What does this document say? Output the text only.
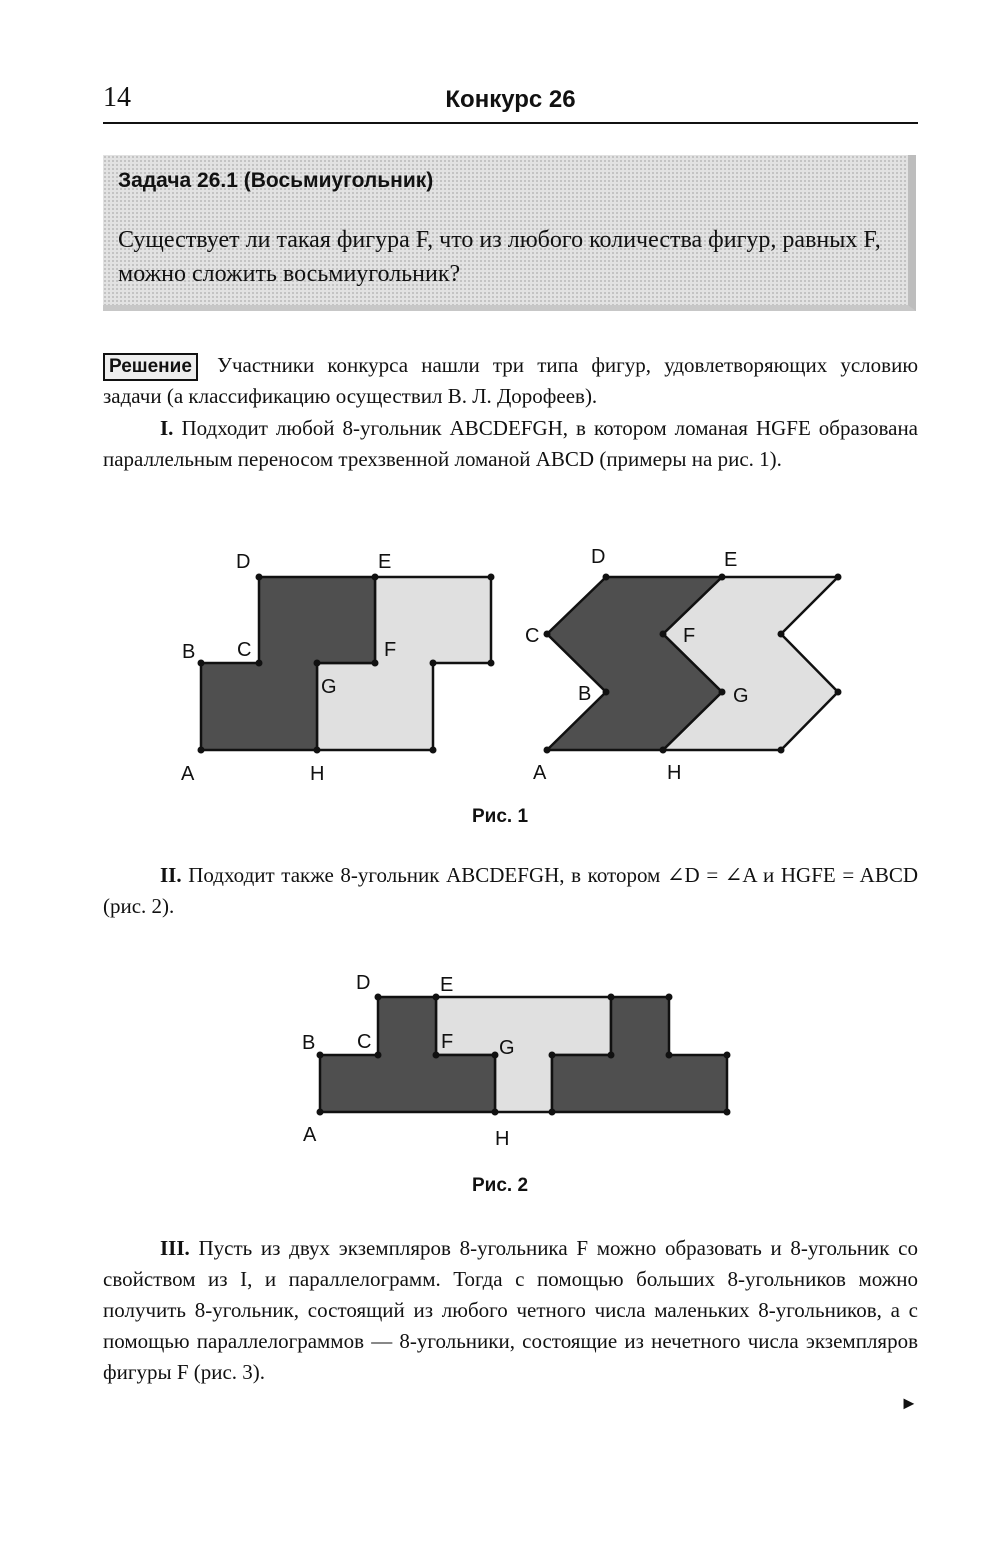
14	Конкурс 26
Задача 26.1 (Восьмиугольник)
Существует ли такая фигура F, что из любого количества фигур, равных F, можно сложить восьмиугольник?
Решение Участники конкурса нашли три типа фигур, удовлетворяющих условию задачи (а классификацию осуществил В. Л. Дорофеев).
I. Подходит любой 8-угольник ABCDEFGH, в котором ломаная HGFE образована параллельным переносом трехзвенной ломаной ABCD (примеры на рис. 1).
D	E
B C	F
G
A	H
D	E
C	F
B	G
A	H
Рис. 1
II. Подходит также 8-угольник ABCDEFGH, в котором ∠D = ∠A и HGFE = ABCD (рис. 2).
D	E
B C	F G
A	H
Рис. 2
III. Пусть из двух экземпляров 8-угольника F можно образовать и 8-угольник со свойством из I, и параллелограмм. Тогда с помощью больших 8-угольников можно получить 8-угольник, состоящий из любого четного числа маленьких 8-угольников, а с помощью параллелограммов — 8-угольники, состоящие из нечетного числа экземпляров фигуры F (рис. 3).
►
